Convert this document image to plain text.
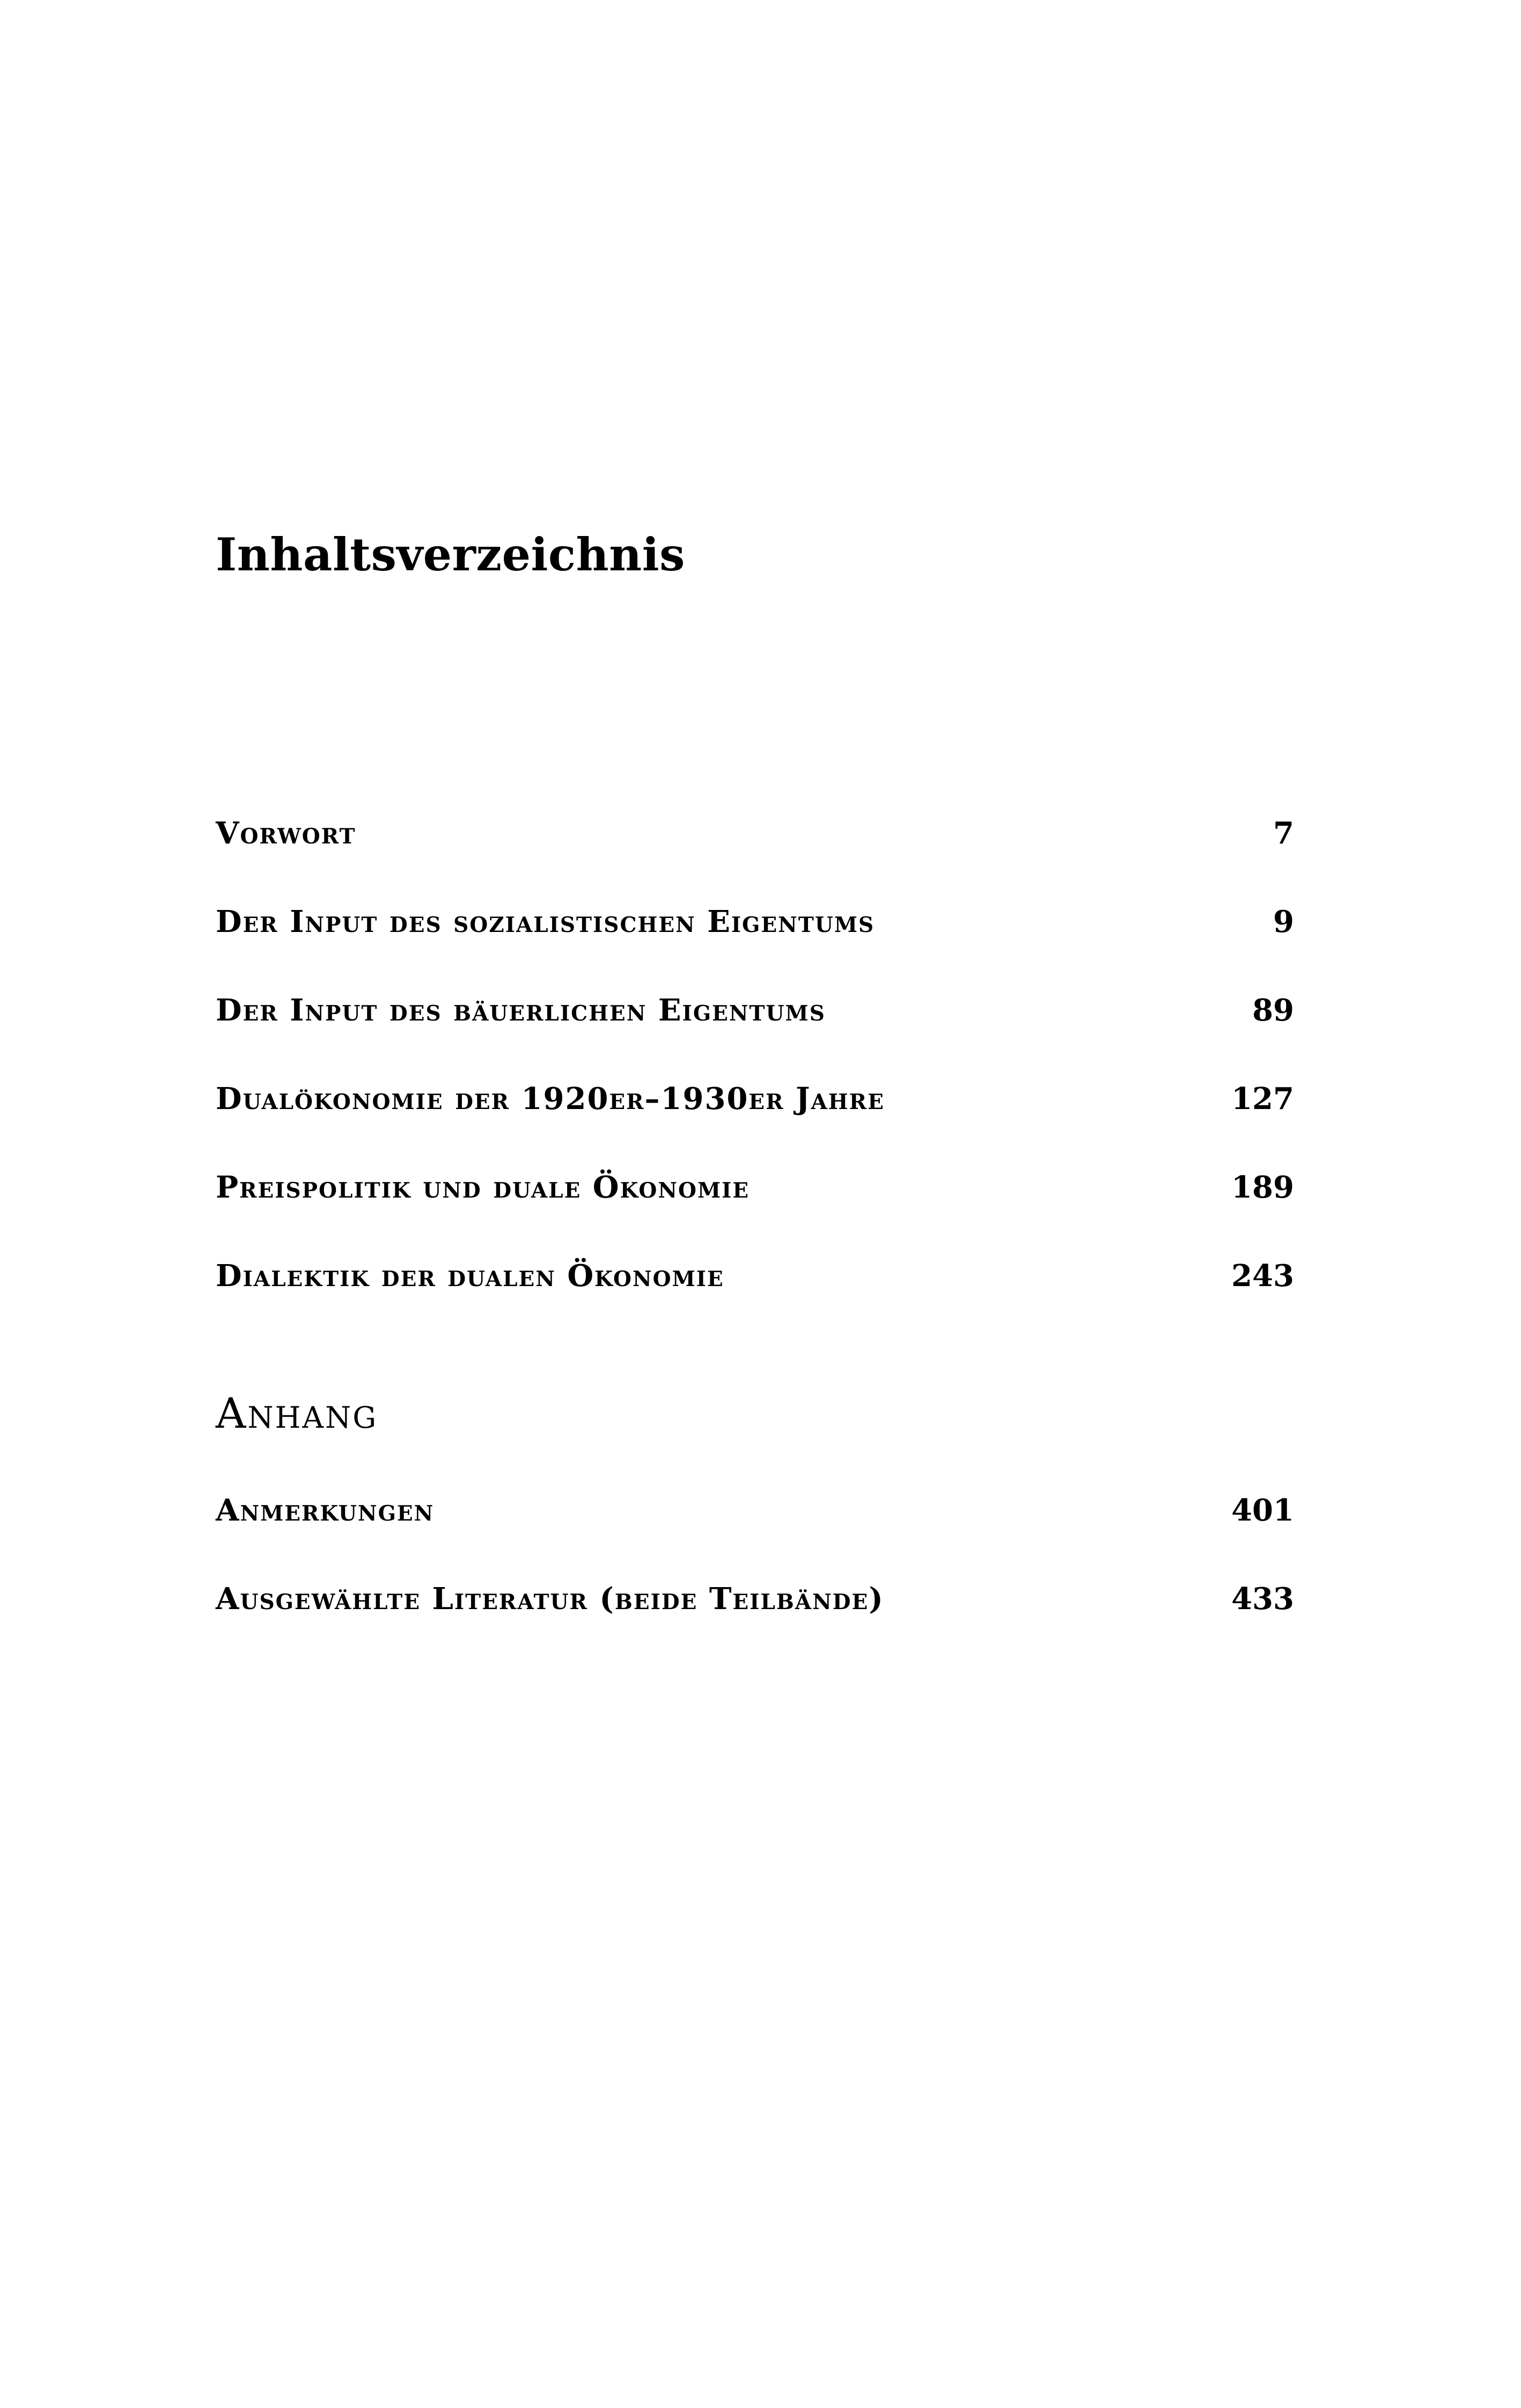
Inhaltsverzeichnis
Vorwort	7
Der Input des sozialistischen Eigentums	9
Der Input des bäuerlichen Eigentums	89
Dualökonomie der 1920er–1930er Jahre	127
Preispolitik und duale Ökonomie	189
Dialektik der dualen Ökonomie	243
Anhang
Anmerkungen	401
Ausgewählte Literatur (beide Teilbände)	433
